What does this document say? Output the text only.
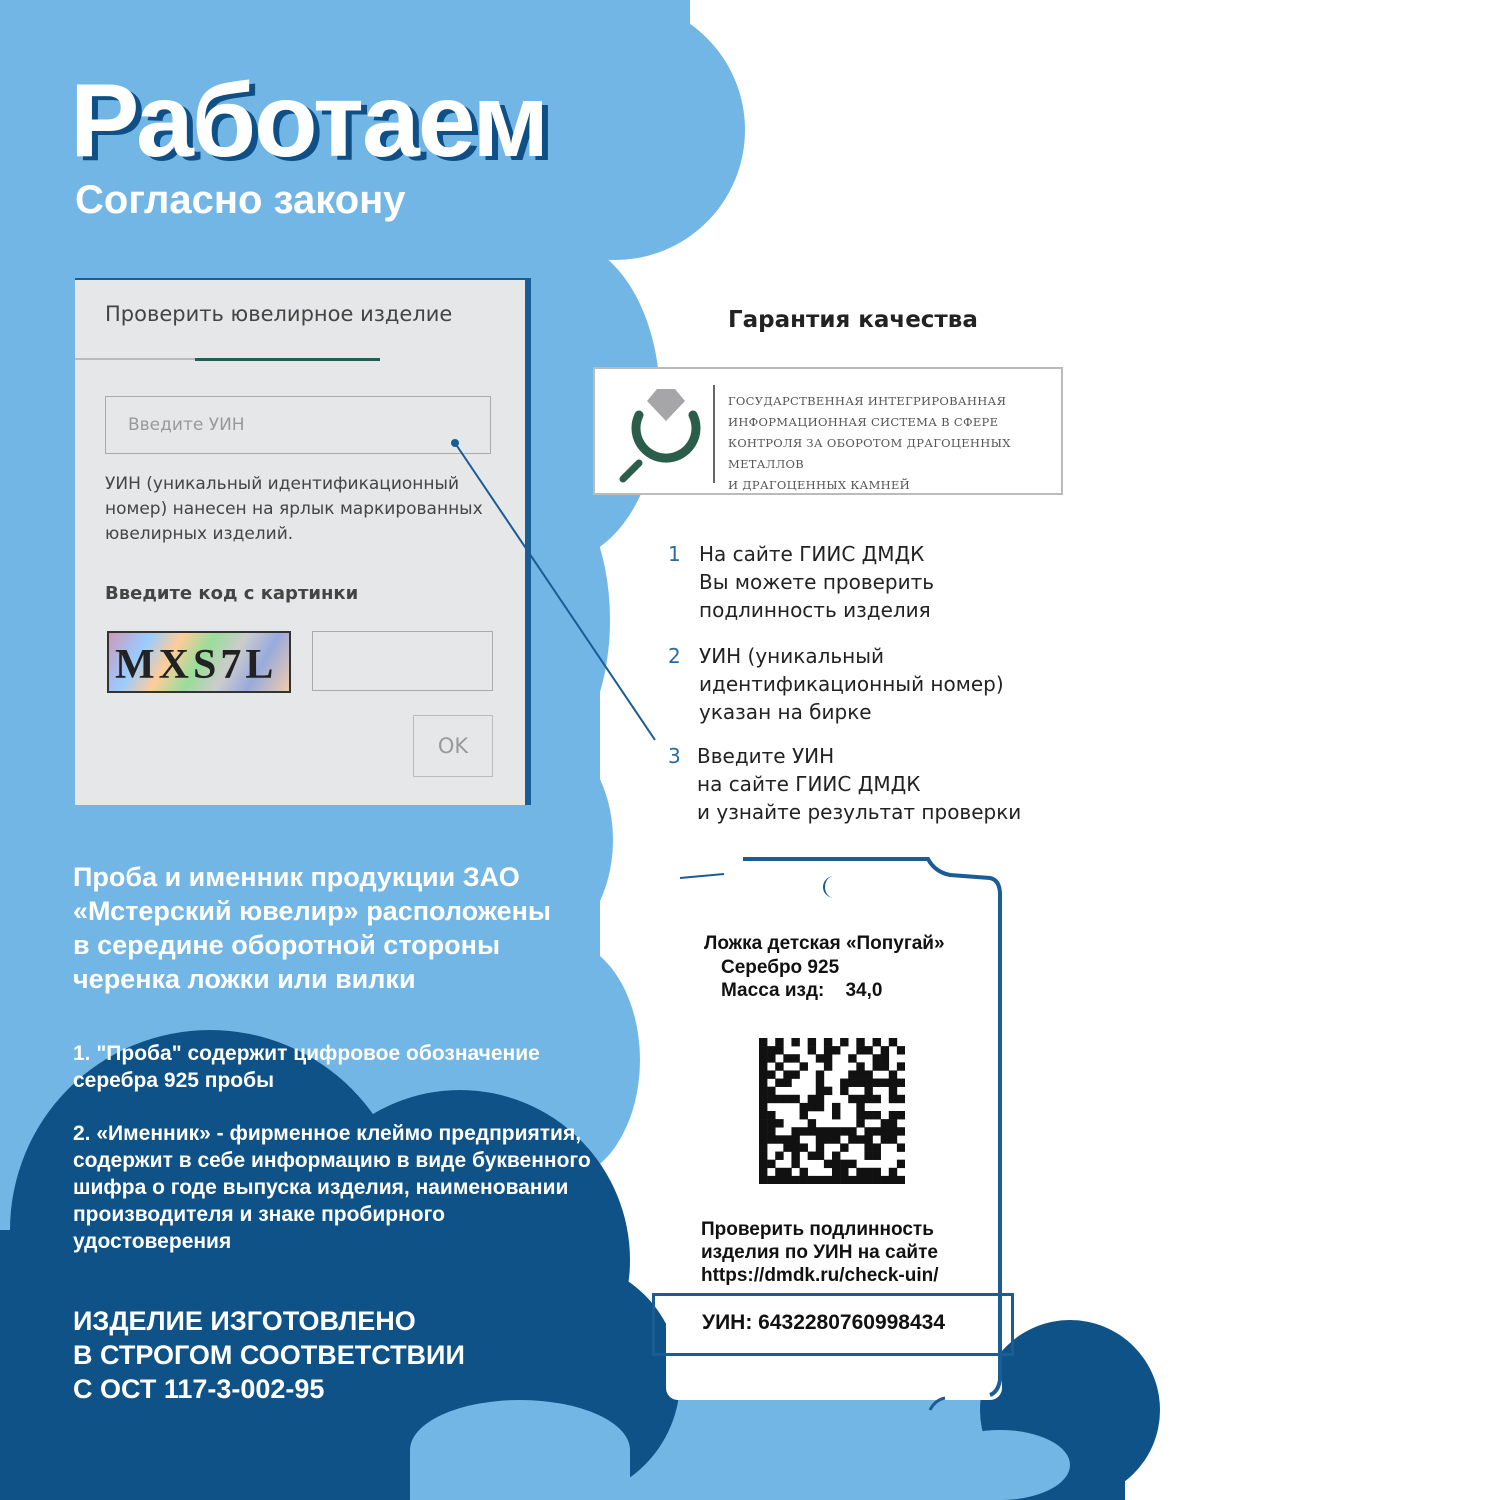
Работаем
Согласно закону
Проверить ювелирное изделие
Введите УИН
УИН (уникальный идентификационный номер) нанесен на ярлык маркированных ювелирных изделий.
Введите код с картинки
MXS7L
OK
Гарантия качества
ГОСУДАРСТВЕННАЯ ИНТЕГРИРОВАННАЯ
ИНФОРМАЦИОННАЯ СИСТЕМА В СФЕРЕ
КОНТРОЛЯ ЗА ОБОРОТОМ ДРАГОЦЕННЫХ МЕТАЛЛОВ
И ДРАГОЦЕННЫХ КАМНЕЙ
1 На сайте ГИИС ДМДК
Вы можете проверить
подлинность изделия
2 УИН (уникальный
идентификационный номер)
указан на бирке
3 Введите УИН
на сайте ГИИС ДМДК
и узнайте результат проверки
Проба и именник продукции ЗАО
«Мстерский ювелир» расположены
в середине оборотной стороны
черенка ложки или вилки
1. "Проба" содержит цифровое обозначение
серебра 925 пробы
2. «Именник» - фирменное клеймо предприятия,
содержит в себе информацию в виде буквенного
шифра о годе выпуска изделия, наименовании
производителя и знаке пробирного
удостоверения
ИЗДЕЛИЕ ИЗГОТОВЛЕНО
В СТРОГОМ СООТВЕТСТВИИ
С ОСТ 117-3-002-95
Ложка детская «Попугай»
Серебро 925
Масса изд: 34,0
Проверить подлинность
изделия по УИН на сайте
https://dmdk.ru/check-uin/
УИН: 6432280760998434
